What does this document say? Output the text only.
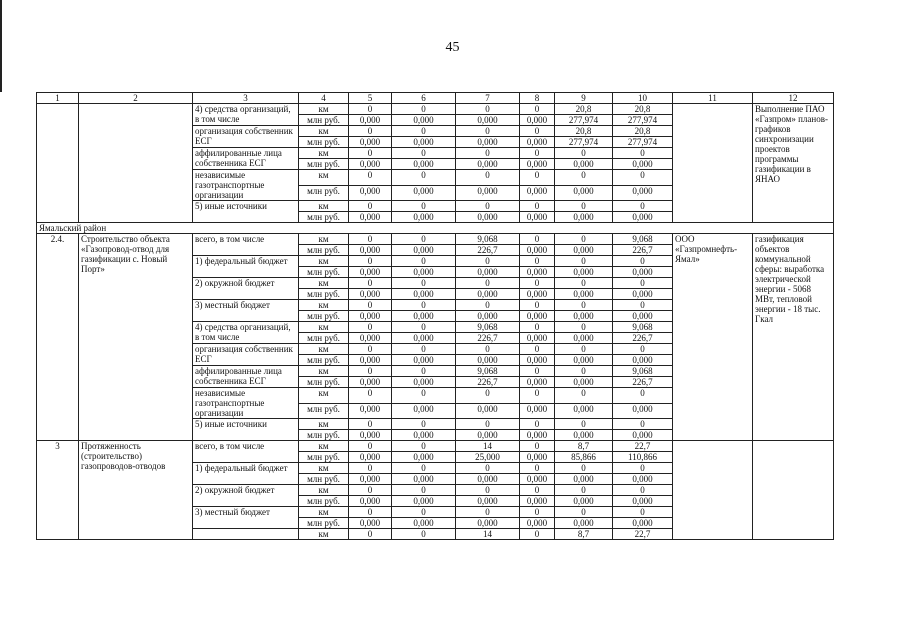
45
1	2	3	4	5	6	7	8	9	10	11	12
		4) средства организаций, в том числе	км	0	0	0	0	20,8	20,8		Выполнение ПАО «Газпром» планов-графиков синхронизации проектов программы газификации в ЯНАО
			млн руб.	0,000	0,000	0,000	0,000	277,974	277,974		
		организация собственник ЕСГ	км	0	0	0	0	20,8	20,8		
			млн руб.	0,000	0,000	0,000	0,000	277,974	277,974		
		аффилированные лица собственника ЕСГ	км	0	0	0	0	0	0		
			млн руб.	0,000	0,000	0,000	0,000	0,000	0,000		
		независимые газотранспортные организации	км	0	0	0	0	0	0		
			млн руб.	0,000	0,000	0,000	0,000	0,000	0,000		
		5) иные источники	км	0	0	0	0	0	0		
			млн руб.	0,000	0,000	0,000	0,000	0,000	0,000		
Ямальский район											
2.4.	Строительство объекта «Газопровод-отвод для газификации с. Новый Порт»	всего, в том числе	км	0	0	9,068	0	0	9,068	ООО «Газпромнефть-Ямал»	газификация объектов коммунальной сферы: выработка электрической энергии - 5068 МВт, тепловой энергии - 18 тыс. Гкал
			млн руб.	0,000	0,000	226,7	0,000	0,000	226,7		
		1) федеральный бюджет	км	0	0	0	0	0	0		
			млн руб.	0,000	0,000	0,000	0,000	0,000	0,000		
		2) окружной бюджет	км	0	0	0	0	0	0		
			млн руб.	0,000	0,000	0,000	0,000	0,000	0,000		
		3) местный бюджет	км	0	0	0	0	0	0		
			млн руб.	0,000	0,000	0,000	0,000	0,000	0,000		
		4) средства организаций, в том числе	км	0	0	9,068	0	0	9,068		
			млн руб.	0,000	0,000	226,7	0,000	0,000	226,7		
		организация собственник ЕСГ	км	0	0	0	0	0	0		
			млн руб.	0,000	0,000	0,000	0,000	0,000	0,000		
		аффилированные лица собственника ЕСГ	км	0	0	9,068	0	0	9,068		
			млн руб.	0,000	0,000	226,7	0,000	0,000	226,7		
		независимые газотранспортные организации	км	0	0	0	0	0	0		
			млн руб.	0,000	0,000	0,000	0,000	0,000	0,000		
		5) иные источники	км	0	0	0	0	0	0		
			млн руб.	0,000	0,000	0,000	0,000	0,000	0,000		
3	Протяженность (строительство) газопроводов-отводов	всего, в том числе	км	0	0	14	0	8,7	22,7		
			млн руб.	0,000	0,000	25,000	0,000	85,866	110,866		
		1) федеральный бюджет	км	0	0	0	0	0	0		
			млн руб.	0,000	0,000	0,000	0,000	0,000	0,000		
		2) окружной бюджет	км	0	0	0	0	0	0		
			млн руб.	0,000	0,000	0,000	0,000	0,000	0,000		
		3) местный бюджет	км	0	0	0	0	0	0		
			млн руб.	0,000	0,000	0,000	0,000	0,000	0,000		
			км	0	0	14	0	8,7	22,7		
